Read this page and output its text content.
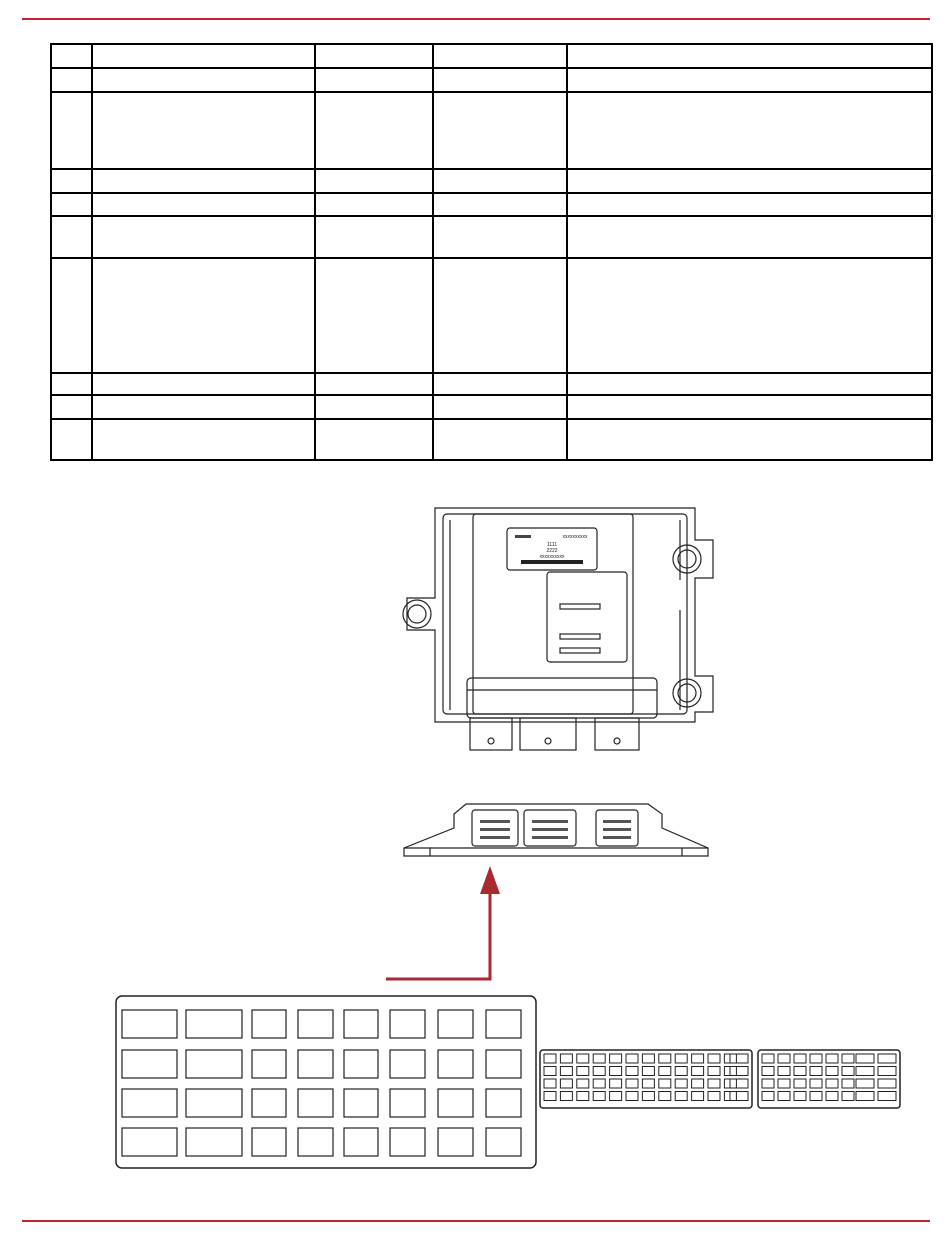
xxxxxxxxxx
1111
2222
xxxxxxxxxx
